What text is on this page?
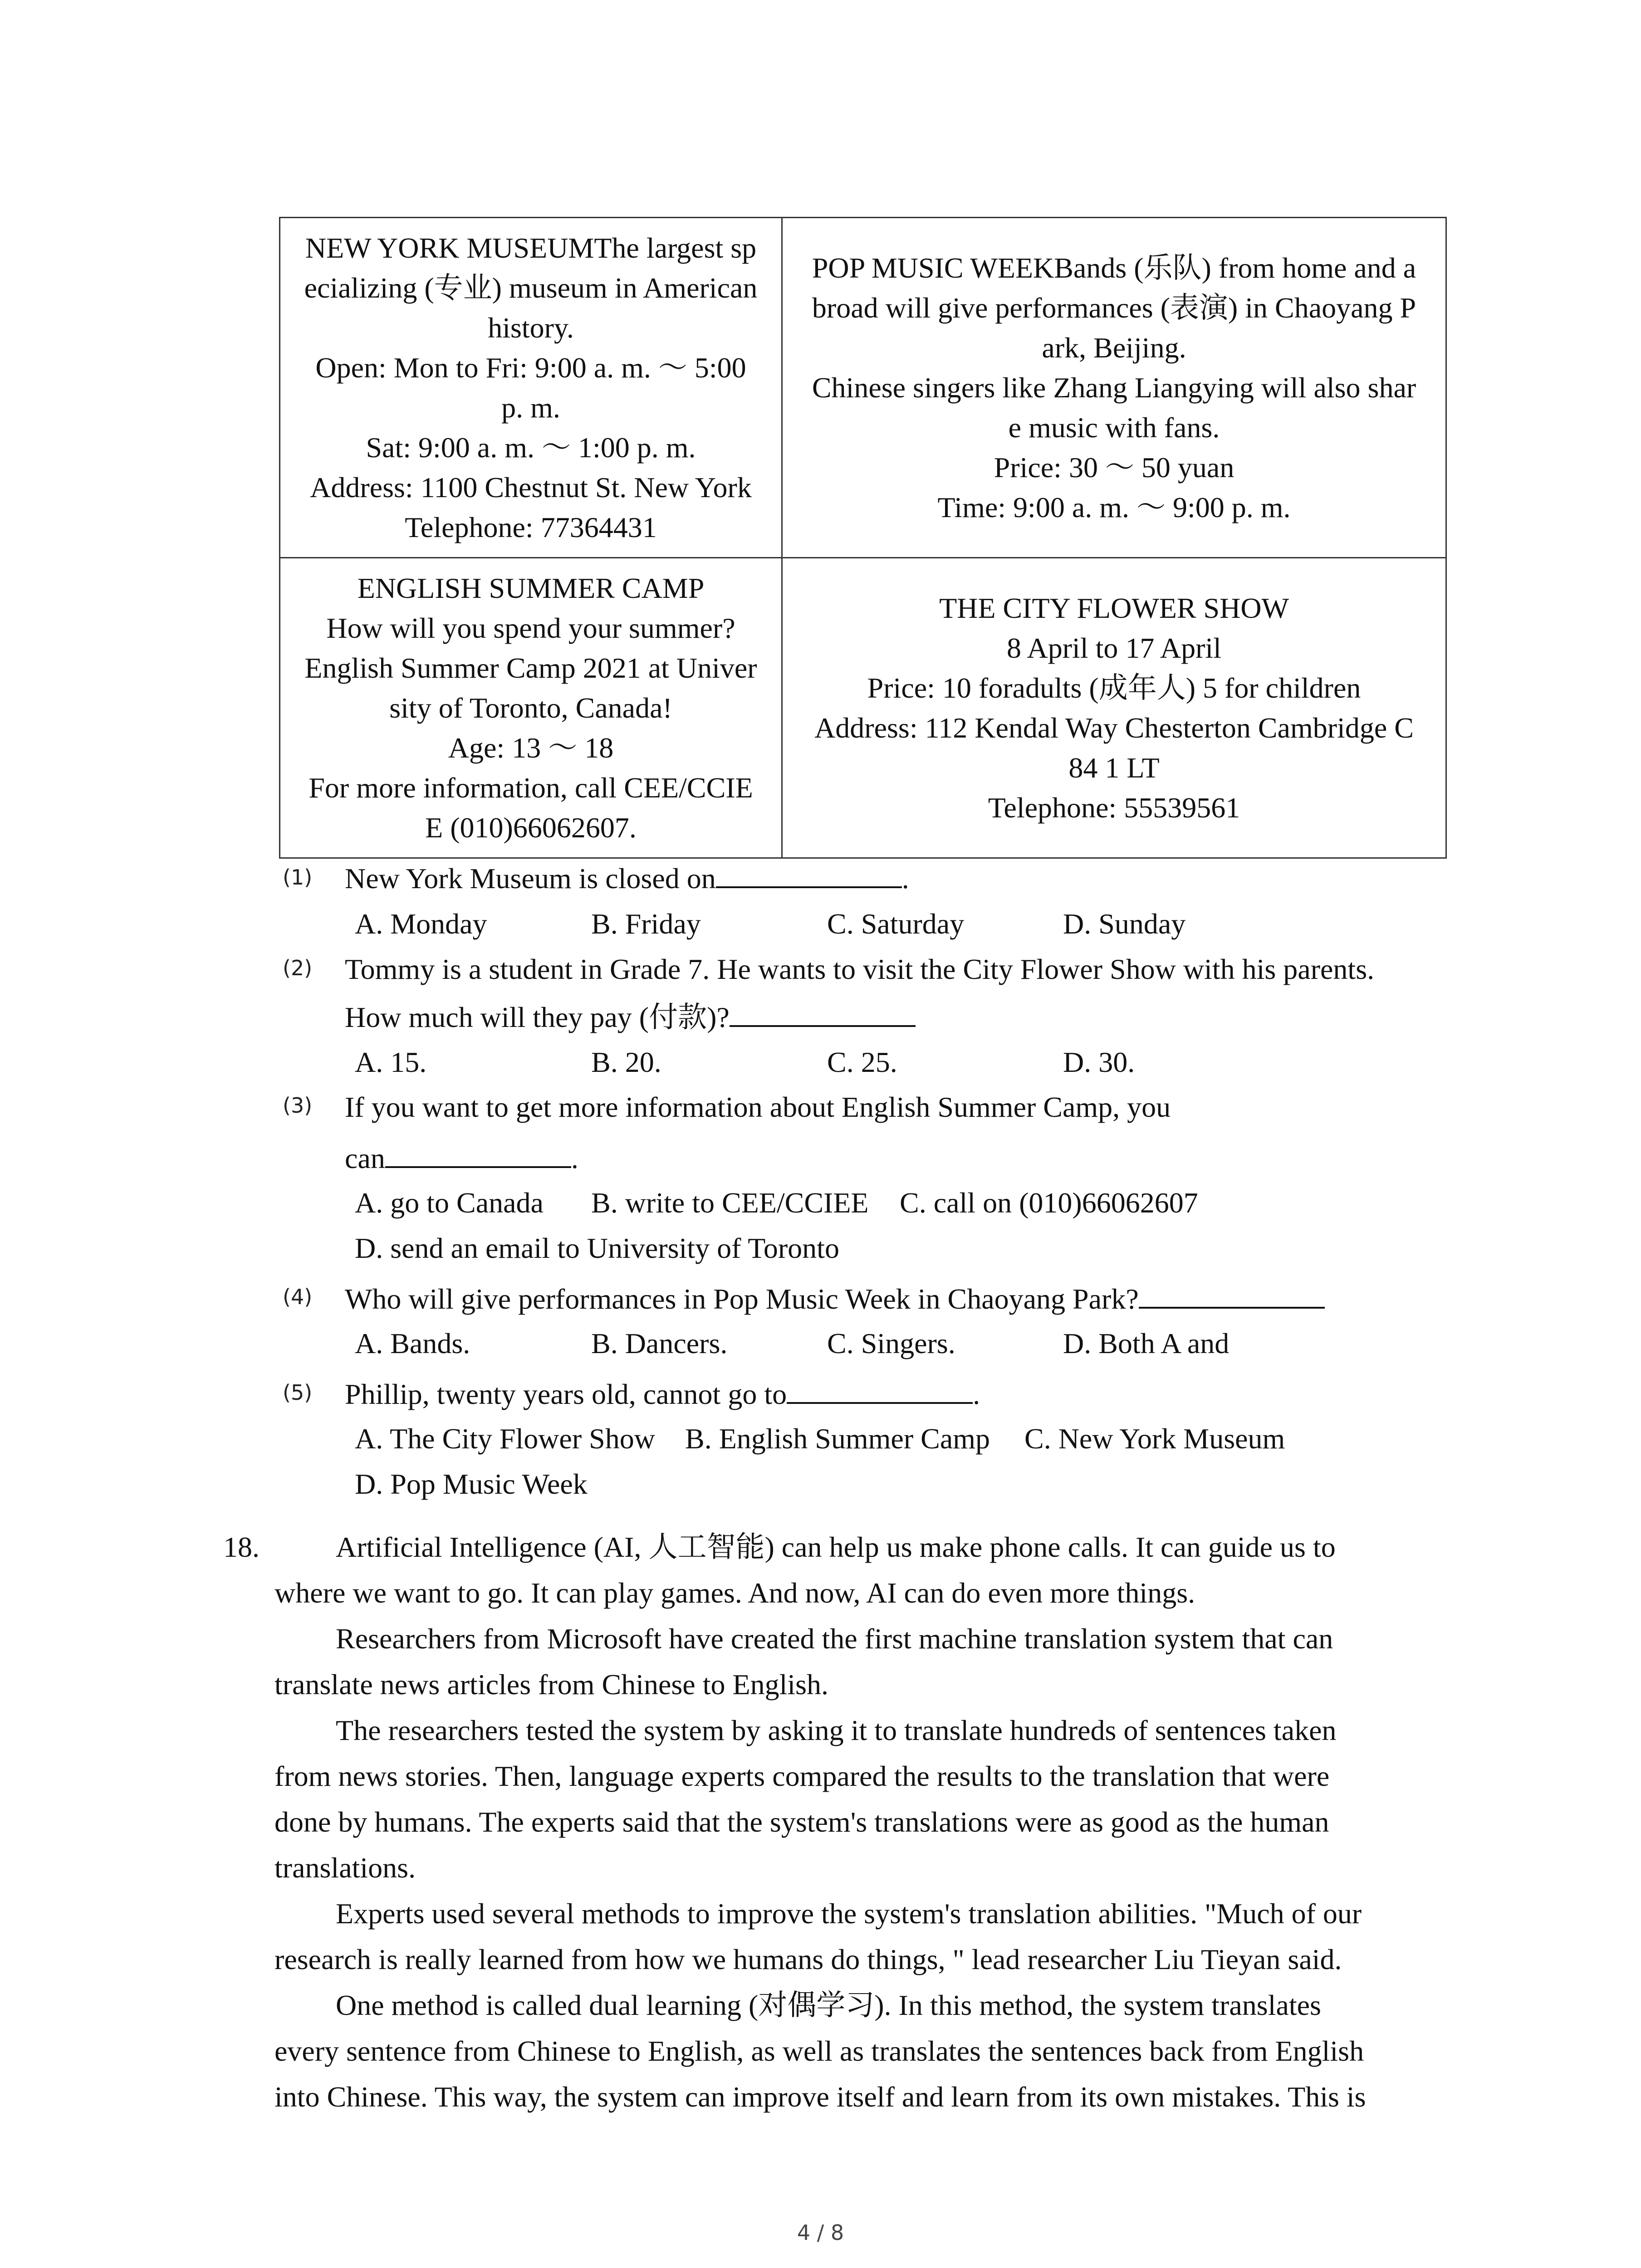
NEW YORK MUSEUMThe largest sp
ecializing (专业) museum in American
history.
Open: Mon to Fri: 9:00 a. m. ～ 5:00
p. m.
Sat: 9:00 a. m. ～ 1:00 p. m.
Address: 1100 Chestnut St. New York
Telephone: 77364431
POP MUSIC WEEKBands (乐队) from home and a
broad will give performances (表演) in Chaoyang P
ark, Beijing.
Chinese singers like Zhang Liangying will also shar
e music with fans.
Price: 30 ～ 50 yuan
Time: 9:00 a. m. ～ 9:00 p. m.
ENGLISH SUMMER CAMP
How will you spend your summer?
English Summer Camp 2021 at Univer
sity of Toronto, Canada!
Age: 13 ～ 18
For more information, call CEE/CCIE
E (010)66062607.
THE CITY FLOWER SHOW
8 April to 17 April
Price: 10 foradults (成年人) 5 for children
Address: 112 Kendal Way Chesterton Cambridge C
84 1 LT
Telephone: 55539561
(1) New York Museum is closed on	.
A. Monday	B. Friday	C. Saturday	D. Sunday
(2) Tommy is a student in Grade 7. He wants to visit the City Flower Show with his parents.
How much will they pay (付款)?
A. 15.	B. 20.	C. 25.	D. 30.
(3) If you want to get more information about English Summer Camp, you
can	.
A. go to Canada B. write to CEE/CCIEE C. call on (010)66062607
D. send an email to University of Toronto
(4) Who will give performances in Pop Music Week in Chaoyang Park?
A. Bands.	B. Dancers.	C. Singers.	D. Both A and
(5) Phillip, twenty years old, cannot go to	.
A. The City Flower Show B. English Summer Camp C. New York Museum
D. Pop Music Week
18.	Artificial Intelligence (AI, 人工智能) can help us make phone calls. It can guide us to
where we want to go. It can play games. And now, AI can do even more things.
Researchers from Microsoft have created the first machine translation system that can
translate news articles from Chinese to English.
The researchers tested the system by asking it to translate hundreds of sentences taken
from news stories. Then, language experts compared the results to the translation that were
done by humans. The experts said that the system's translations were as good as the human
translations.
Experts used several methods to improve the system's translation abilities. "Much of our
research is really learned from how we humans do things, " lead researcher Liu Tieyan said.
One method is called dual learning (对偶学习). In this method, the system translates
every sentence from Chinese to English, as well as translates the sentences back from English
into Chinese. This way, the system can improve itself and learn from its own mistakes. This is
4 / 8
